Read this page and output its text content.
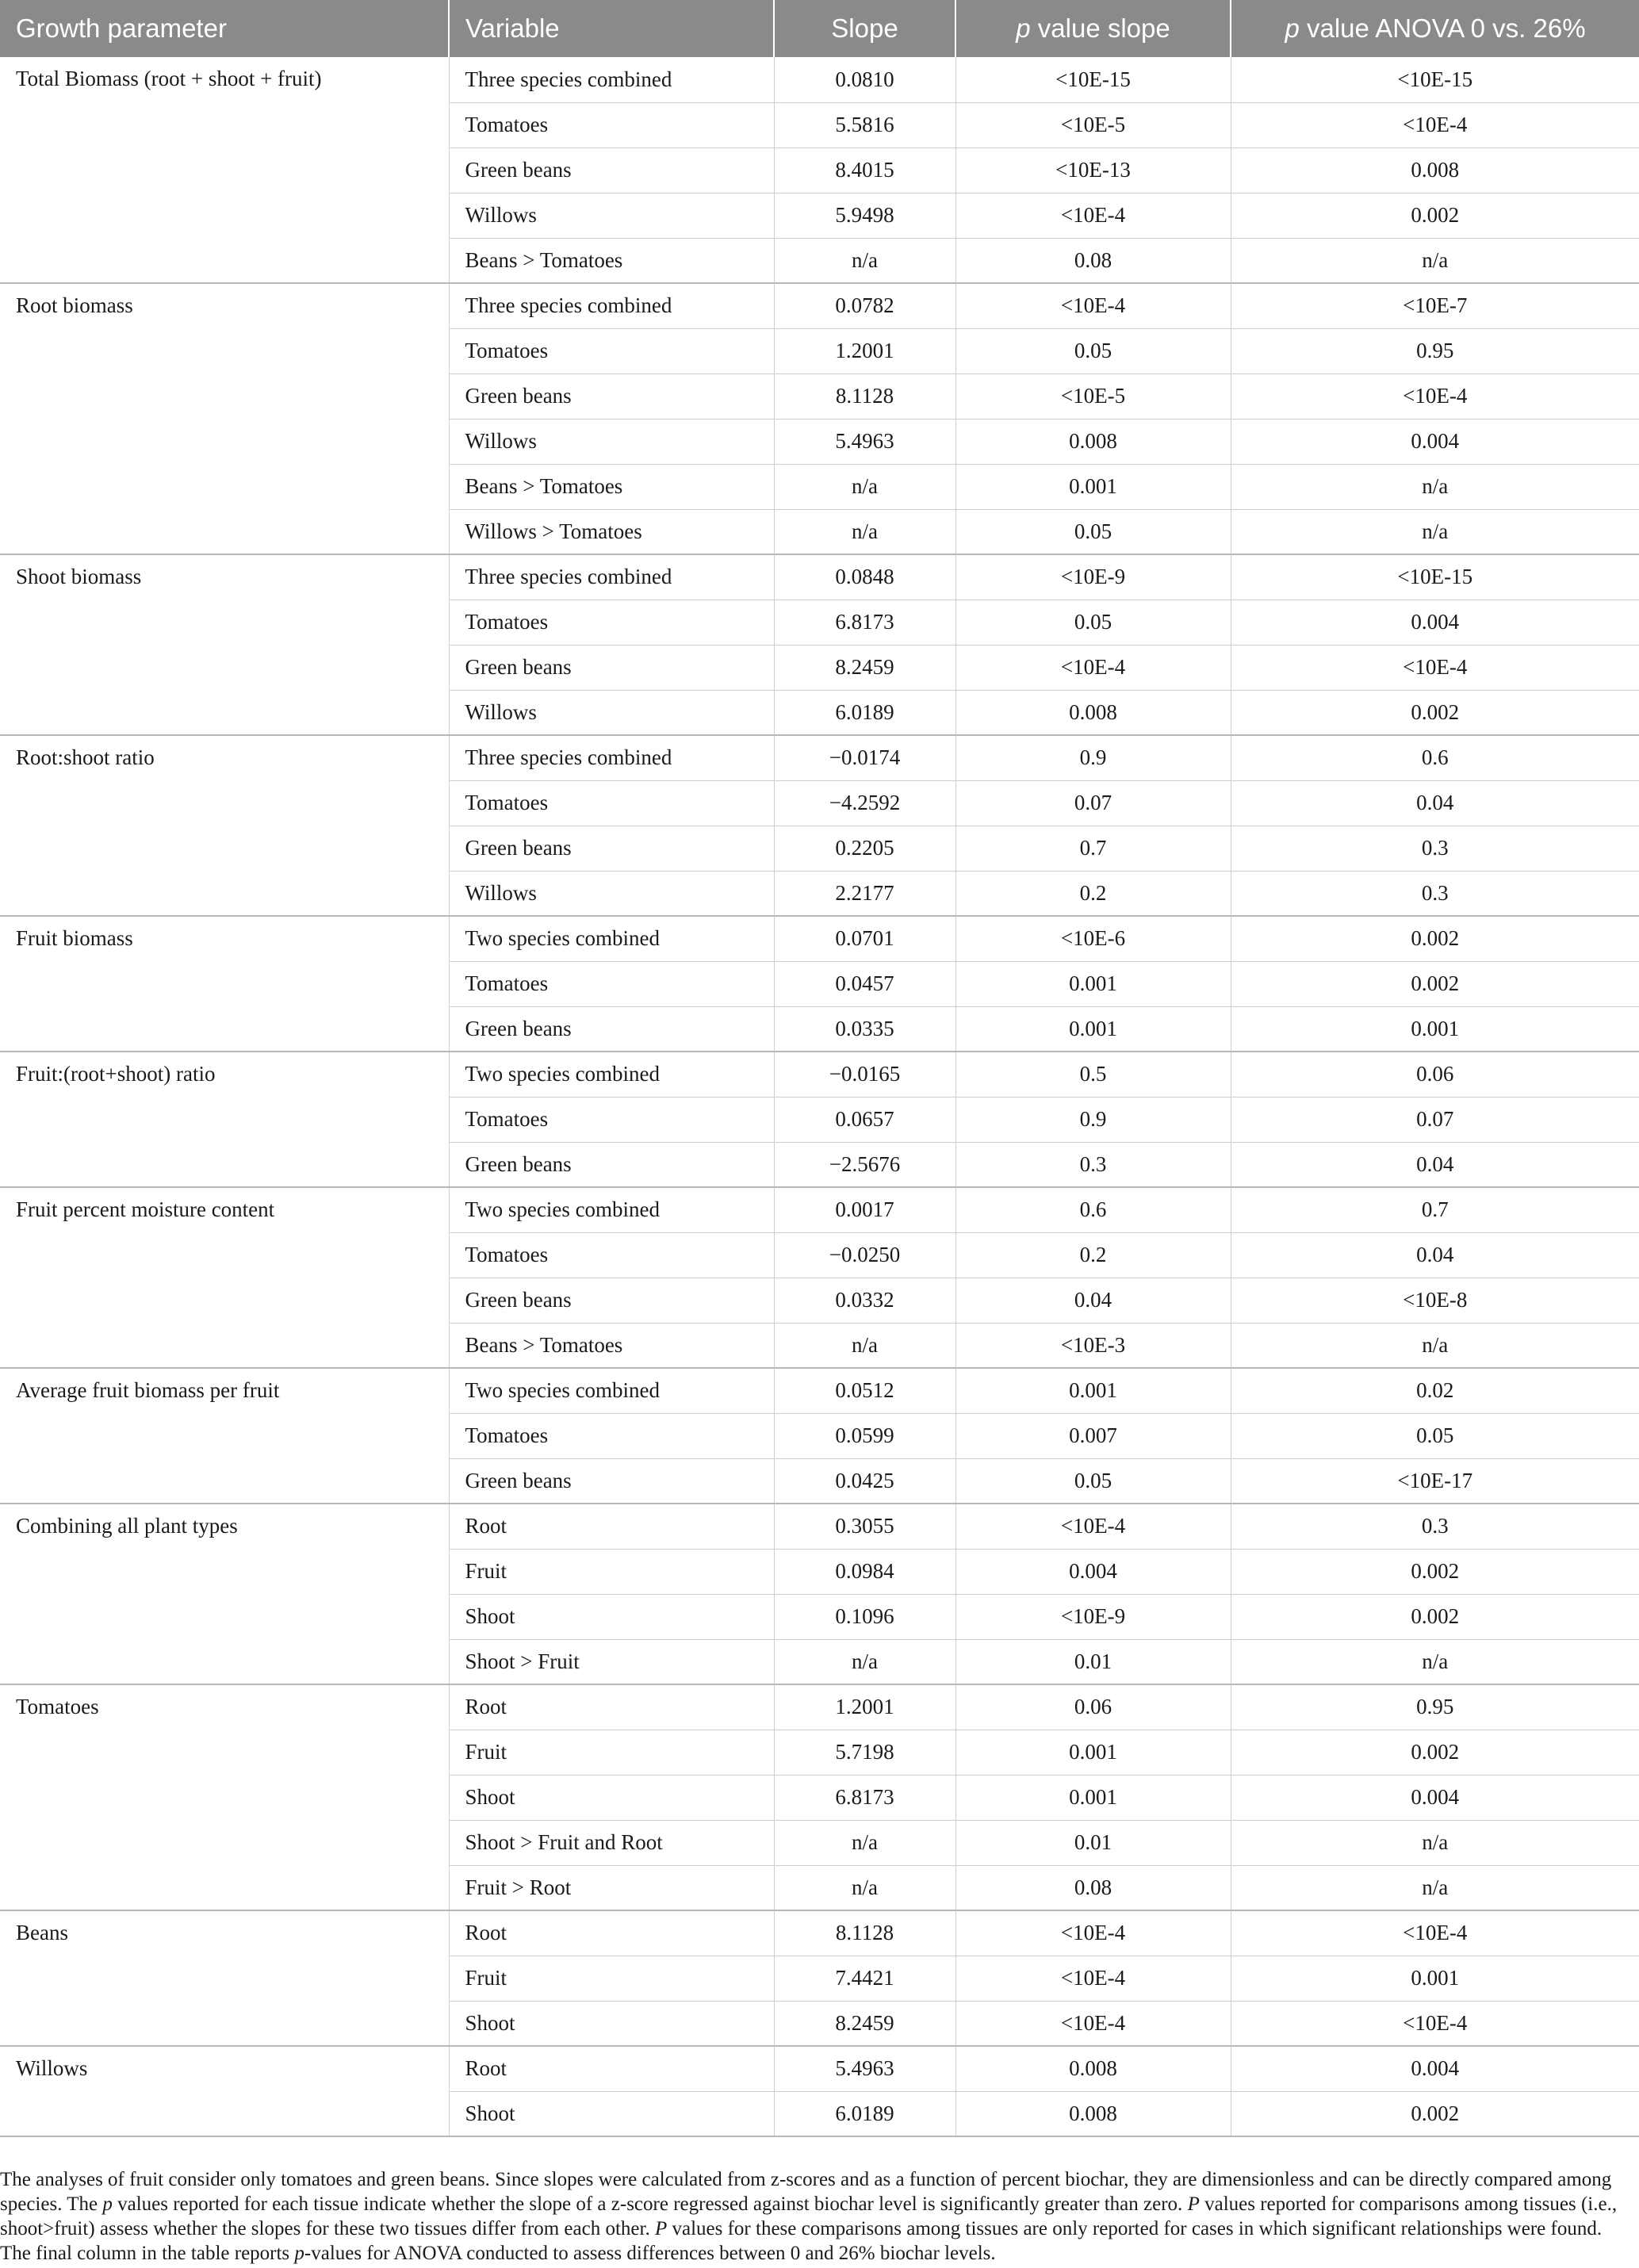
Growth parameter	Variable	Slope	p value slope	p value ANOVA 0 vs. 26%
Total Biomass (root + shoot + fruit)	Three species combined	0.0810	<10E-15	<10E-15
	Tomatoes	5.5816	<10E-5	<10E-4
	Green beans	8.4015	<10E-13	0.008
	Willows	5.9498	<10E-4	0.002
	Beans > Tomatoes	n/a	0.08	n/a
Root biomass	Three species combined	0.0782	<10E-4	<10E-7
	Tomatoes	1.2001	0.05	0.95
	Green beans	8.1128	<10E-5	<10E-4
	Willows	5.4963	0.008	0.004
	Beans > Tomatoes	n/a	0.001	n/a
	Willows > Tomatoes	n/a	0.05	n/a
Shoot biomass	Three species combined	0.0848	<10E-9	<10E-15
	Tomatoes	6.8173	0.05	0.004
	Green beans	8.2459	<10E-4	<10E-4
	Willows	6.0189	0.008	0.002
Root:shoot ratio	Three species combined	−0.0174	0.9	0.6
	Tomatoes	−4.2592	0.07	0.04
	Green beans	0.2205	0.7	0.3
	Willows	2.2177	0.2	0.3
Fruit biomass	Two species combined	0.0701	<10E-6	0.002
	Tomatoes	0.0457	0.001	0.002
	Green beans	0.0335	0.001	0.001
Fruit:(root+shoot) ratio	Two species combined	−0.0165	0.5	0.06
	Tomatoes	0.0657	0.9	0.07
	Green beans	−2.5676	0.3	0.04
Fruit percent moisture content	Two species combined	0.0017	0.6	0.7
	Tomatoes	−0.0250	0.2	0.04
	Green beans	0.0332	0.04	<10E-8
	Beans > Tomatoes	n/a	<10E-3	n/a
Average fruit biomass per fruit	Two species combined	0.0512	0.001	0.02
	Tomatoes	0.0599	0.007	0.05
	Green beans	0.0425	0.05	<10E-17
Combining all plant types	Root	0.3055	<10E-4	0.3
	Fruit	0.0984	0.004	0.002
	Shoot	0.1096	<10E-9	0.002
	Shoot > Fruit	n/a	0.01	n/a
Tomatoes	Root	1.2001	0.06	0.95
	Fruit	5.7198	0.001	0.002
	Shoot	6.8173	0.001	0.004
	Shoot > Fruit and Root	n/a	0.01	n/a
	Fruit > Root	n/a	0.08	n/a
Beans	Root	8.1128	<10E-4	<10E-4
	Fruit	7.4421	<10E-4	0.001
	Shoot	8.2459	<10E-4	<10E-4
Willows	Root	5.4963	0.008	0.004
	Shoot	6.0189	0.008	0.002

The analyses of fruit consider only tomatoes and green beans. Since slopes were calculated from z-scores and as a function of percent biochar, they are dimensionless and can be directly compared among species. The p values reported for each tissue indicate whether the slope of a z-score regressed against biochar level is significantly greater than zero. P values reported for comparisons among tissues (i.e., shoot>fruit) assess whether the slopes for these two tissues differ from each other. P values for these comparisons among tissues are only reported for cases in which significant relationships were found. The final column in the table reports p-values for ANOVA conducted to assess differences between 0 and 26% biochar levels.
